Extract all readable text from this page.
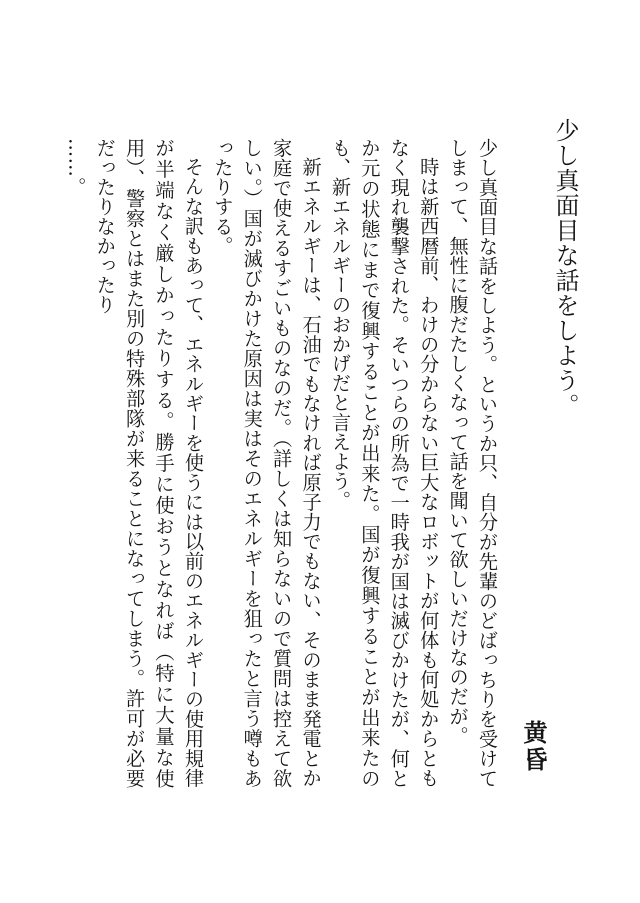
少し真面目な話をしよう。
黄昏

少し真面目な話をしよう。というか只、自分が先輩のどばっちりを受けてしまって、無性に腹だたしくなって話を聞いて欲しいだけなのだが。

時は新西暦前、わけの分からない巨大なロボットが何体も何処からともなく現れ襲撃された。そいつらの所為で一時我が国は滅びかけたが、何とか元の状態にまで復興することが出来た。国が復興することが出来たのも、新エネルギーのおかげだと言えよう。

新エネルギーは、石油でもなければ原子力でもない、そのまま発電とか家庭で使えるすごいものなのだ。（詳しくは知らないので質問は控えて欲しい。）国が滅びかけた原因は実はそのエネルギーを狙ったと言う噂もあったりする。

そんな訳もあって、エネルギーを使うには以前のエネルギーの使用規律が半端なく厳しかったりする。勝手に使おうとなれば（特に大量な使用）、警察とはまた別の特殊部隊が来ることになってしまう。許可が必要だったりなかったり

……。
